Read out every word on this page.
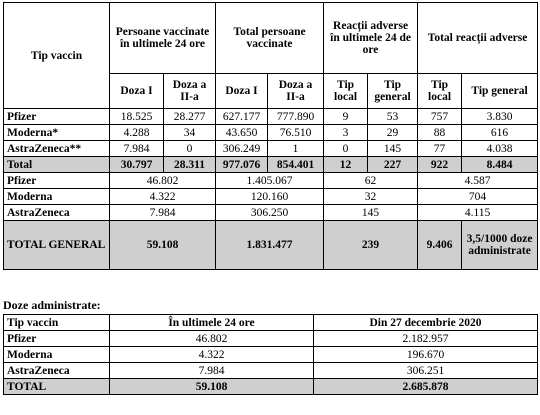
Tip vaccin	Persoane vaccinate în ultimele 24 ore		Total persoane vaccinate		Reacții adverse în ultimele 24 de ore		Total reacții adverse	
	Doza I	Doza a II-a	Doza I	Doza a II-a	Tip local	Tip general	Tip local	Tip general
Pfizer	18.525	28.277	627.177	777.890	9	53	757	3.830
Moderna*	4.288	34	43.650	76.510	3	29	88	616
AstraZeneca**	7.984	0	306.249	1	0	145	77	4.038
Total	30.797	28.311	977.076	854.401	12	227	922	8.484
Pfizer	46.802		1.405.067		62		4.587	
Moderna	4.322		120.160		32		704	
AstraZeneca	7.984		306.250		145		4.115	
TOTAL GENERAL	59.108		1.831.477		239		9.406	3,5/1000 doze administrate
Doze administrate:
Tip vaccin	În ultimele 24 ore	Din 27 decembrie 2020
Pfizer	46.802	2.182.957
Moderna	4.322	196.670
AstraZeneca	7.984	306.251
TOTAL	59.108	2.685.878
